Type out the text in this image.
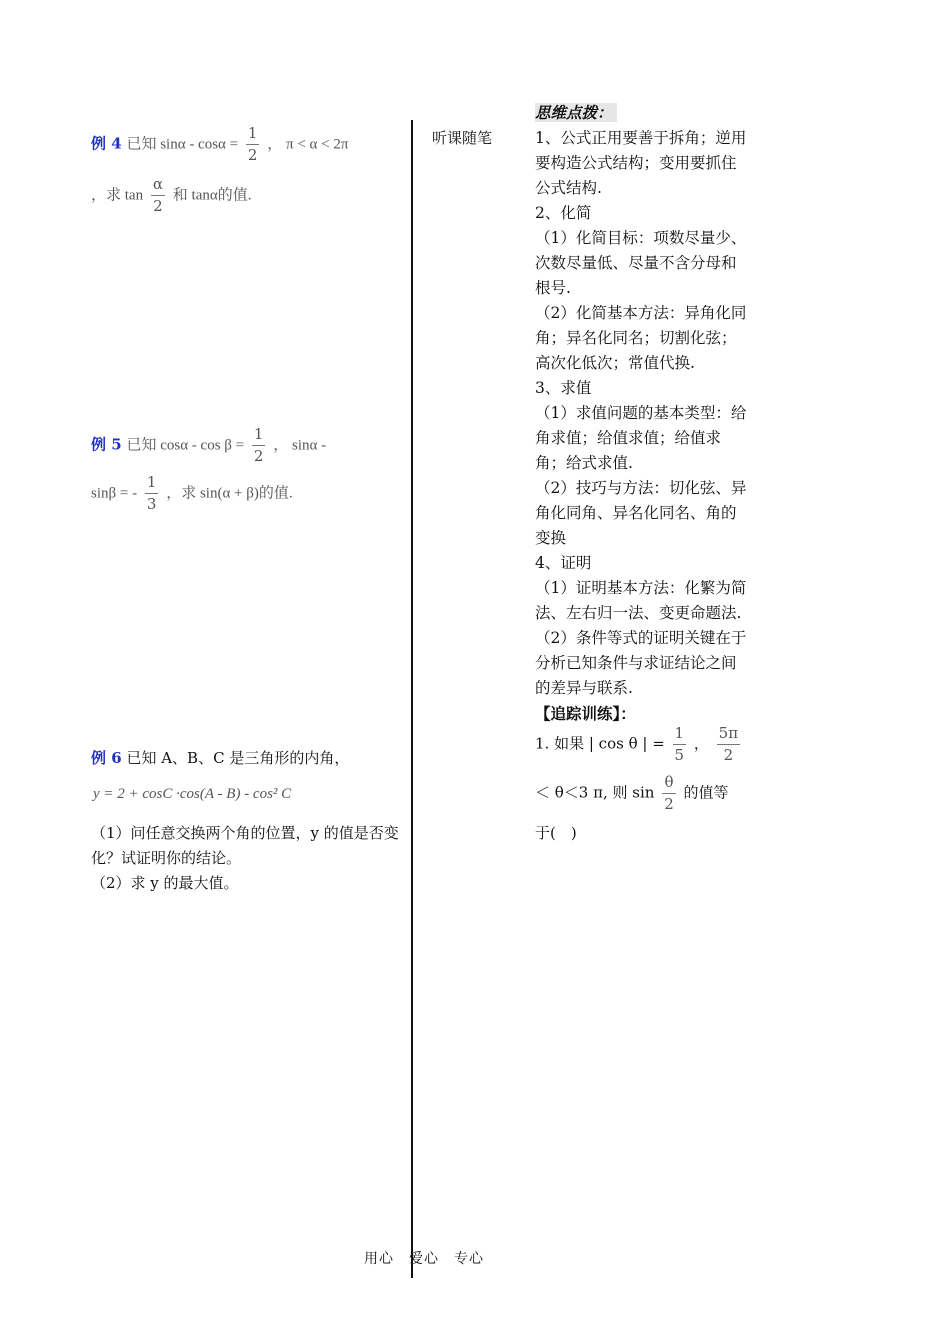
例 4 已知 $\sin\alpha - \cos\alpha = \frac{1}{2}$ ， π < α < 2π
，求 $\tan \frac{\alpha}{2}$ 和 tanα的值.
例 5 已知 $\cos\alpha - \cos \beta = \frac{1}{2}$ ， sinα -
sinβ = - $\frac{1}{3}$ ，求 sin(α + β)的值.
例 6 已知 A、B、C 是三角形的内角，
y = 2 + cosC ·cos(A - B) - cos² C
（1）问任意交换两个角的位置，y 的值是否变化？试证明你的结论。
（2）求 y 的最大值。
听课随笔

思维点拨：

1、公式正用要善于拆角；逆用要构造公式结构；变用要抓住公式结构.

2、化简

（1）化简目标：项数尽量少、次数尽量低、尽量不含分母和根号.

（2）化简基本方法：异角化同角；异名化同名；切割化弦；高次化低次；常值代换.

3、求值

（1）求值问题的基本类型：给角求值；给值求值；给值求角；给式求值.

（2）技巧与方法：切化弦、异角化同角、异名化同名、角的变换

4、证明

（1）证明基本方法：化繁为简法、左右归一法、变更命题法.

（2）条件等式的证明关键在于分析已知条件与求证结论之间的差异与联系.

【追踪训练】：

1. 如果 | cos θ | = $\frac{1}{5}$ ， $\frac{5\pi}{2}$
＜ θ＜3 π, 则 $\sin \frac{\theta}{2}$ 的值等
于(　)
用心　爱心　专心
